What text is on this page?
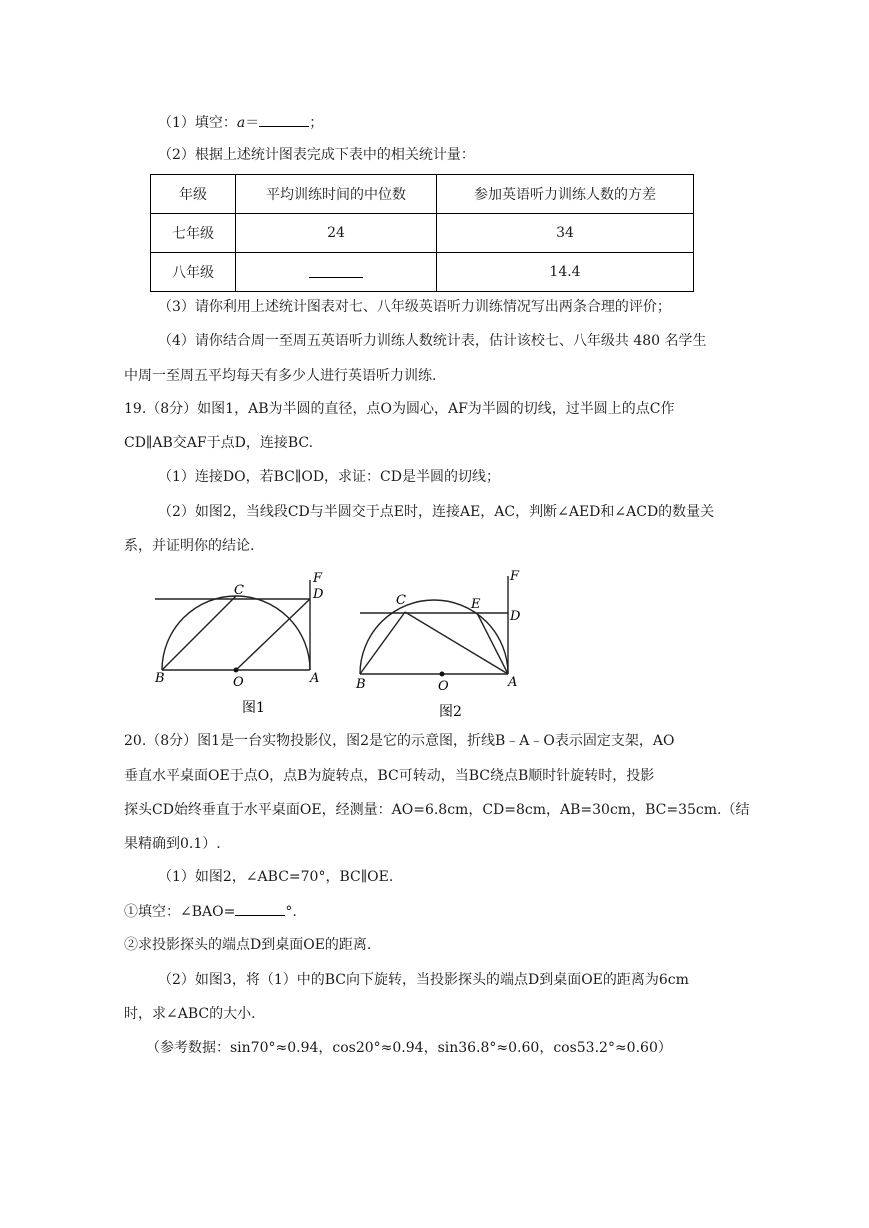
（1）填空：a＝	；
（2）根据上述统计图表完成下表中的相关统计量：
年级	平均训练时间的中位数	参加英语听力训练人数的方差
七年级	24	34
八年级		14.4
（3）请你利用上述统计图表对七、八年级英语听力训练情况写出两条合理的评价；
（4）请你结合周一至周五英语听力训练人数统计表，估计该校七、八年级共 480 名学生
中周一至周五平均每天有多少人进行英语听力训练.
19.（8分）如图1，AB为半圆的直径，点O为圆心，AF为半圆的切线，过半圆上的点C作
CD∥AB交AF于点D，连接BC.
（1）连接DO，若BC∥OD，求证：CD是半圆的切线；
（2）如图2，当线段CD与半圆交于点E时，连接AE，AC，判断∠AED和∠ACD的数量关
系，并证明你的结论.
B	O	A
C	D
F
图1
B	O	A
C	E
D
F
图2
20.（8分）图1是一台实物投影仪，图2是它的示意图，折线B﹣A﹣O表示固定支架，AO
垂直水平桌面OE于点O，点B为旋转点，BC可转动，当BC绕点B顺时针旋转时，投影
探头CD始终垂直于水平桌面OE，经测量：AO=6.8cm，CD=8cm，AB=30cm，BC=35cm.（结
果精确到0.1）.
（1）如图2，∠ABC=70°，BC∥OE.
①填空：∠BAO=	°.
②求投影探头的端点D到桌面OE的距离.
（2）如图3，将（1）中的BC向下旋转，当投影探头的端点D到桌面OE的距离为6cm
时，求∠ABC的大小.
（参考数据：sin70°≈0.94，cos20°≈0.94，sin36.8°≈0.60，cos53.2°≈0.60）
